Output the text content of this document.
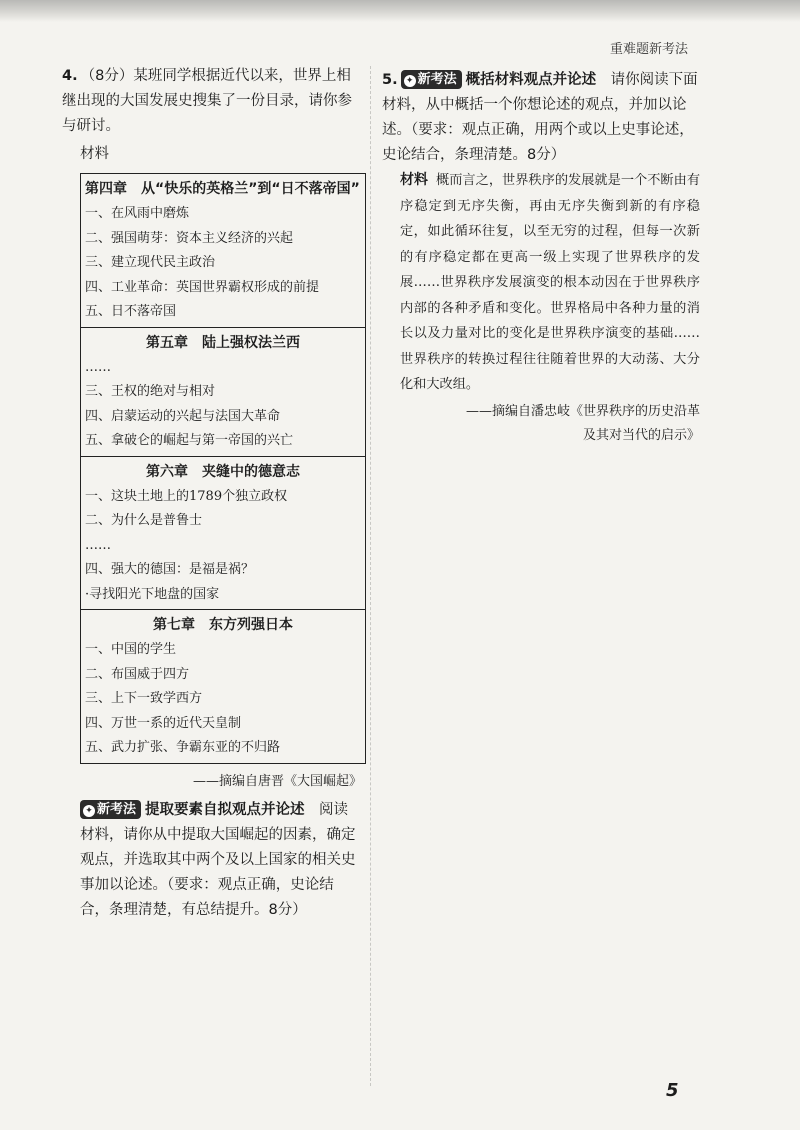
重难题新考法

4. （8分）某班同学根据近代以来，世界上相继出现的大国发展史搜集了一份目录，请你参与研讨。

材料
第四章　从“快乐的英格兰”到“日不落帝国”
一、在风雨中磨炼
二、强国萌芽：资本主义经济的兴起
三、建立现代民主政治
四、工业革命：英国世界霸权形成的前提
五、日不落帝国
第五章　陆上强权法兰西
……
三、王权的绝对与相对
四、启蒙运动的兴起与法国大革命
五、拿破仑的崛起与第一帝国的兴亡
第六章　夹缝中的德意志
一、这块土地上的1789个独立政权
二、为什么是普鲁士
……
四、强大的德国：是福是祸？
·寻找阳光下地盘的国家
第七章　东方列强日本
一、中国的学生
二、布国威于四方
三、上下一致学西方
四、万世一系的近代天皇制
五、武力扩张、争霸东亚的不归路
——摘编自唐晋《大国崛起》

✦ 新考法 提取要素自拟观点并论述　阅读材料，请你从中提取大国崛起的因素，确定观点，并选取其中两个及以上国家的相关史事加以论述。（要求：观点正确，史论结合，条理清楚，有总结提升。8分）

5. ✦ 新考法 概括材料观点并论述　请你阅读下面材料，从中概括一个你想论述的观点，并加以论述。（要求：观点正确，用两个或以上史事论述，史论结合，条理清楚。8分）

材料 概而言之，世界秩序的发展就是一个不断由有序稳定到无序失衡，再由无序失衡到新的有序稳定，如此循环往复，以至无穷的过程，但每一次新的有序稳定都在更高一级上实现了世界秩序的发展……世界秩序发展演变的根本动因在于世界秩序内部的各种矛盾和变化。世界格局中各种力量的消长以及力量对比的变化是世界秩序演变的基础……世界秩序的转换过程往往随着世界的大动荡、大分化和大改组。

——摘编自潘忠岐《世界秩序的历史沿革
及其对当代的启示》
5
